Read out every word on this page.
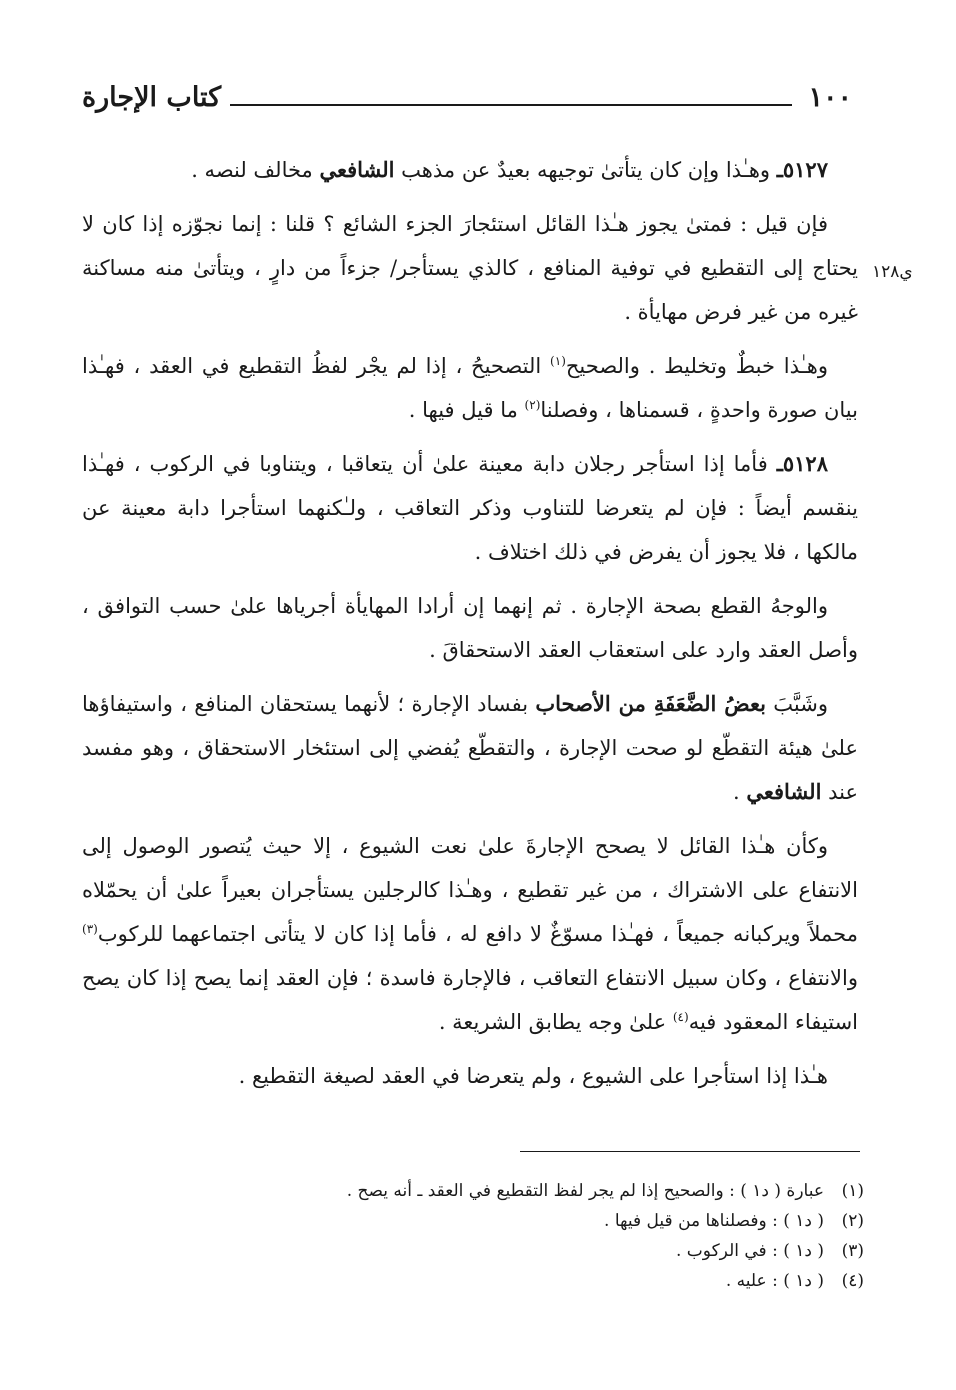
١٠٠
كتاب الإجارة
ي١٢٨

٥١٢٧ـ وهـٰذا وإن كان يتأتىٰ توجيهه بعيدٌ عن مذهب الشافعي مخالف لنصه .

فإن قيل : فمتىٰ يجوز هـٰذا القائل استئجارَ الجزء الشائع ؟ قلنا : إنما نجوّزه إذا كان لا يحتاج إلى التقطيع في توفية المنافع ، كالذي يستأجر/ جزءاً من دارٍ ، ويتأتىٰ منه مساكنة غيره من غير فرض مهايأة .

وهـٰذا خبطٌ وتخليط . والصحيح$^{(١)}$ التصحيحُ ، إذا لم يجْر لفظُ التقطيع في العقد ، فهـٰذا بيان صورة واحدةٍ ، قسمناها ، وفصلنا$^{(٢)}$ ما قيل فيها .

٥١٢٨ـ فأما إذا استأجر رجلان دابة معينة علىٰ أن يتعاقبا ، ويتناوبا في الركوب ، فهـٰذا ينقسم أيضاً : فإن لم يتعرضا للتناوب وذكر التعاقب ، ولـٰكنهما استأجرا دابة معينة عن مالكها ، فلا يجوز أن يفرض في ذلك اختلاف .

والوجهُ القطع بصحة الإجارة . ثم إنهما إن أرادا المهايأة أجرياها علىٰ حسب التوافق ، وأصل العقد وارد على استعقاب العقد الاستحقاقَ .

وشَبَّبَ بعضُ الضَّعَفَةِ من الأصحاب بفساد الإجارة ؛ لأنهما يستحقان المنافع ، واستيفاؤها علىٰ هيئة التقطّع لو صحت الإجارة ، والتقطّع يُفضي إلى استئخار الاستحقاق ، وهو مفسد عند الشافعي .

وكأن هـٰذا القائل لا يصحح الإجارةَ علىٰ نعت الشيوع ، إلا حيث يُتصور الوصول إلى الانتفاع على الاشتراك ، من غير تقطيع ، وهـٰذا كالرجلين يستأجران بعيراً علىٰ أن يحمّلاه محملاً ويركبانه جميعاً ، فهـٰذا مسوّغٌ لا دافع له ، فأما إذا كان لا يتأتى اجتماعهما للركوب$^{(٣)}$ والانتفاع ، وكان سبيل الانتفاع التعاقب ، فالإجارة فاسدة ؛ فإن العقد إنما يصح إذا كان يصح استيفاء المعقود فيه$^{(٤)}$ علىٰ وجه يطابق الشريعة .

هـٰذا إذا استأجرا على الشيوع ، ولم يتعرضا في العقد لصيغة التقطيع .

(١)عبارة ( د١ ) : والصحيح إذا لم يجر لفظ التقطيع في العقد ـ أنه يصح .

(٢)( د١ ) : وفصلناها من قيل فيها .

(٣)( د١ ) : في الركوب .

(٤)( د١ ) : عليه .
